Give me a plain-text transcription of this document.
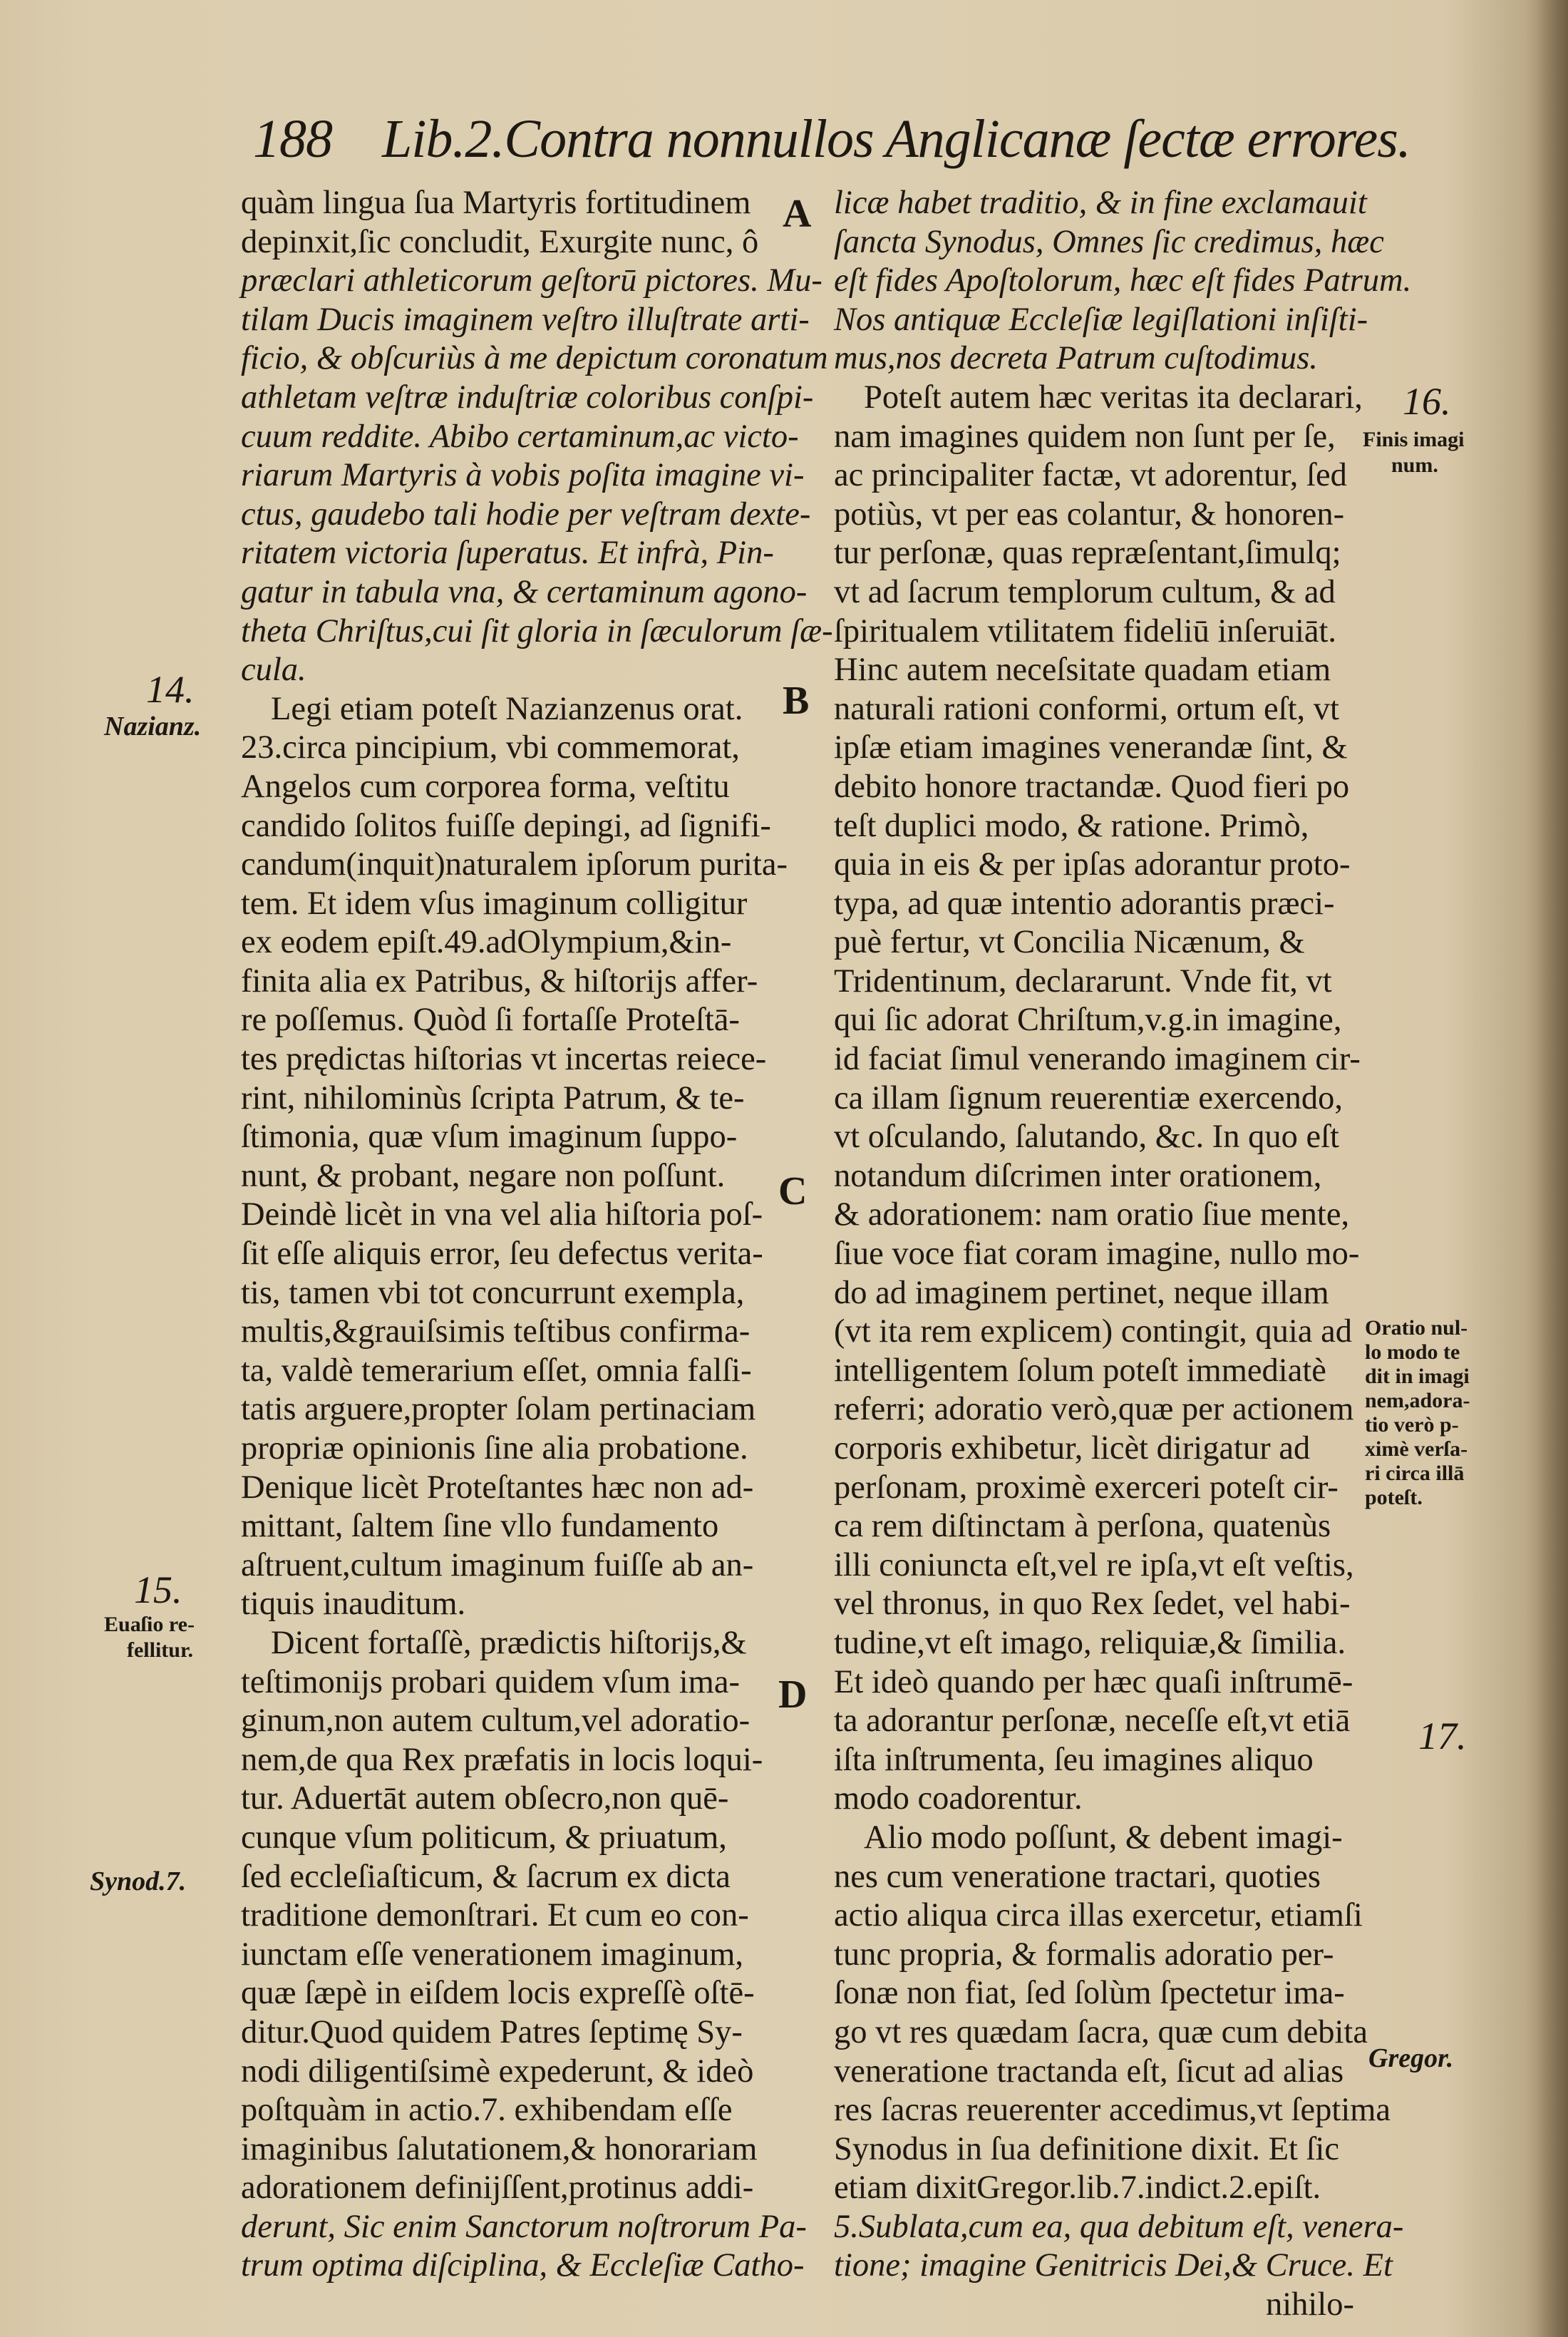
188 Lib.2.Contra nonnullos Anglicanæ ſectæ errores.
quàm lingua ſua Martyris fortitudinem
depinxit,ſic concludit, Exurgite nunc, ô
præclari athleticorum geſtorū pictores. Mu-
tilam Ducis imaginem veſtro illuſtrate arti-
ficio, & obſcuriùs à me depictum coronatum
athletam veſtræ induſtriæ coloribus conſpi-
cuum reddite. Abibo certaminum,ac victo-
riarum Martyris à vobis poſita imagine vi-
ctus, gaudebo tali hodie per veſtram dexte-
ritatem victoria ſuperatus. Et infrà, Pin-
gatur in tabula vna, & certaminum agono-
theta Chriſtus,cui ſit gloria in ſæculorum ſæ-
cula.
Legi etiam poteſt Nazianzenus orat.
23.circa pincipium, vbi commemorat,
Angelos cum corporea forma, veſtitu
candido ſolitos fuiſſe depingi, ad ſignifi-
candum(inquit)naturalem ipſorum purita-
tem. Et idem vſus imaginum colligitur
ex eodem epiſt.49.adOlympium,&in-
finita alia ex Patribus, & hiſtorijs affer-
re poſſemus. Quòd ſi fortaſſe Proteſtā-
tes prędictas hiſtorias vt incertas reiece-
rint, nihilominùs ſcripta Patrum, & te-
ſtimonia, quæ vſum imaginum ſuppo-
nunt, & probant, negare non poſſunt.
Deindè licèt in vna vel alia hiſtoria poſ-
ſit eſſe aliquis error, ſeu defectus verita-
tis, tamen vbi tot concurrunt exempla,
multis,&grauiſsimis teſtibus confirma-
ta, valdè temerarium eſſet, omnia falſi-
tatis arguere,propter ſolam pertinaciam
propriæ opinionis ſine alia probatione.
Denique licèt Proteſtantes hæc non ad-
mittant, ſaltem ſine vllo fundamento
aſtruent,cultum imaginum fuiſſe ab an-
tiquis inauditum.
Dicent fortaſſè, prædictis hiſtorijs,&
teſtimonijs probari quidem vſum ima-
ginum,non autem cultum,vel adoratio-
nem,de qua Rex præfatis in locis loqui-
tur. Aduertāt autem obſecro,non quē-
cunque vſum politicum, & priuatum,
ſed eccleſiaſticum, & ſacrum ex dicta
traditione demonſtrari. Et cum eo con-
iunctam eſſe venerationem imaginum,
quæ ſæpè in eiſdem locis expreſſè oſtē-
ditur.Quod quidem Patres ſeptimę Sy-
nodi diligentiſsimè expederunt, & ideò
poſtquàm in actio.7. exhibendam eſſe
imaginibus ſalutationem,& honorariam
adorationem definijſſent,protinus addi-
derunt, Sic enim Sanctorum noſtrorum Pa-
trum optima diſciplina, & Eccleſiæ Catho-
licæ habet traditio, & in fine exclamauit
ſancta Synodus, Omnes ſic credimus, hæc
eſt fides Apoſtolorum, hæc eſt fides Patrum.
Nos antiquæ Eccleſiæ legiſlationi inſiſti-
mus,nos decreta Patrum cuſtodimus.
Poteſt autem hæc veritas ita declarari,
nam imagines quidem non ſunt per ſe,
ac principaliter factæ, vt adorentur, ſed
potiùs, vt per eas colantur, & honoren-
tur perſonæ, quas repræſentant,ſimulq;
vt ad ſacrum templorum cultum, & ad
ſpiritualem vtilitatem fideliū inſeruiāt.
Hinc autem neceſsitate quadam etiam
naturali rationi conformi, ortum eſt, vt
ipſæ etiam imagines venerandæ ſint, &
debito honore tractandæ. Quod fieri po
teſt duplici modo, & ratione. Primò,
quia in eis & per ipſas adorantur proto-
typa, ad quæ intentio adorantis præci-
puè fertur, vt Concilia Nicænum, &
Tridentinum, declararunt. Vnde fit, vt
qui ſic adorat Chriſtum,v.g.in imagine,
id faciat ſimul venerando imaginem cir-
ca illam ſignum reuerentiæ exercendo,
vt oſculando, ſalutando, &c. In quo eſt
notandum diſcrimen inter orationem,
& adorationem: nam oratio ſiue mente,
ſiue voce fiat coram imagine, nullo mo-
do ad imaginem pertinet, neque illam
(vt ita rem explicem) contingit, quia ad
intelligentem ſolum poteſt immediatè
referri; adoratio verò,quæ per actionem
corporis exhibetur, licèt dirigatur ad
perſonam, proximè exerceri poteſt cir-
ca rem diſtinctam à perſona, quatenùs
illi coniuncta eſt,vel re ipſa,vt eſt veſtis,
vel thronus, in quo Rex ſedet, vel habi-
tudine,vt eſt imago, reliquiæ,& ſimilia.
Et ideò quando per hæc quaſi inſtrumē-
ta adorantur perſonæ, neceſſe eſt,vt etiā
iſta inſtrumenta, ſeu imagines aliquo
modo coadorentur.
Alio modo poſſunt, & debent imagi-
nes cum veneratione tractari, quoties
actio aliqua circa illas exercetur, etiamſi
tunc propria, & formalis adoratio per-
ſonæ non fiat, ſed ſolùm ſpectetur ima-
go vt res quædam ſacra, quæ cum debita
veneratione tractanda eſt, ſicut ad alias
res ſacras reuerenter accedimus,vt ſeptima
Synodus in ſua definitione dixit. Et ſic
etiam dixitGregor.lib.7.indict.2.epiſt.
5.Sublata,cum ea, qua debitum eſt, venera-
tione; imagine Genitricis Dei,& Cruce. Et
nihilo-
A
B
C
D
14.
Nazianz.
15.
Euaſio re-
fellitur.
Synod.7.
16.
Finis imagi
num.
Oratio nul-
lo modo te
dit in imagi
nem,adora-
tio verò p-
ximè verſa-
ri circa illā
poteſt.
17.
Gregor.
